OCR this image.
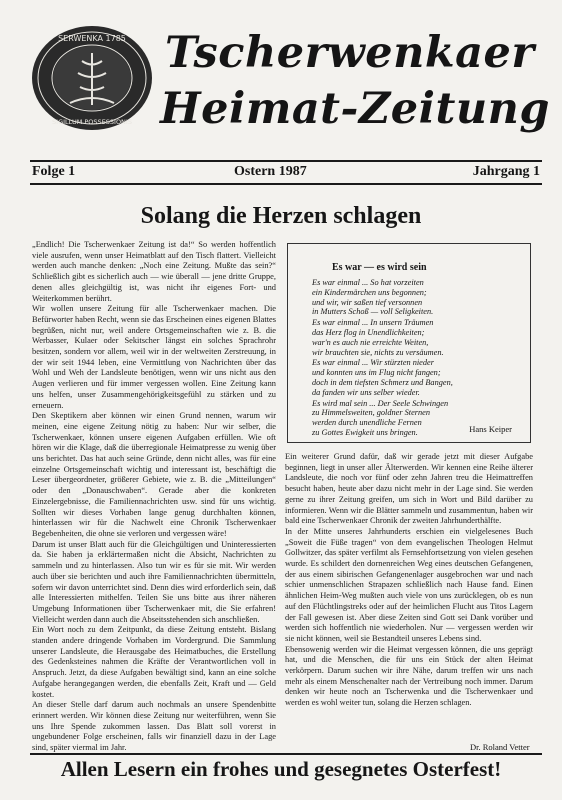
SERWENKA 1785
SIGILLUM POSSESSIONIS
Tscherwenkaer
Heimat-Zeitung
Folge 1	Ostern 1987	Jahrgang 1
Solang die Herzen schlagen

„Endlich! Die Tscherwenkaer Zeitung ist da!“ So werden hoffentlich viele ausrufen, wenn unser Heimatblatt auf den Tisch flattert. Vielleicht werden auch manche denken: „Noch eine Zeitung. Mußte das sein?“ Schließlich gibt es sicherlich auch — wie überall — jene dritte Gruppe, denen alles gleichgültig ist, was nicht ihr eigenes Fort- und Weiterkommen berührt.

Wir wollen unsere Zeitung für alle Tscherwenkaer machen. Die Befürworter haben Recht, wenn sie das Erscheinen eines eigenen Blattes begrüßen, nicht nur, weil andere Ortsgemeinschaften wie z. B. die Werbasser, Kulaer oder Sekitscher längst ein solches Sprachrohr besitzen, sondern vor allem, weil wir in der weltweiten Zerstreuung, in der wir seit 1944 leben, eine Vermittlung von Nachrichten über das Wohl und Weh der Landsleute benötigen, wenn wir uns nicht aus den Augen verlieren und für immer vergessen wollen. Eine Zeitung kann uns helfen, unser Zusammengehörigkeitsgefühl zu stärken und zu erneuern.

Den Skeptikern aber können wir einen Grund nennen, warum wir meinen, eine eigene Zeitung nötig zu haben: Nur wir selber, die Tscherwenkaer, können unsere eigenen Aufgaben erfüllen. Wie oft hören wir die Klage, daß die überregionale Heimatpresse zu wenig über uns berichtet. Das hat auch seine Gründe, denn nicht alles, was für eine einzelne Ortsgemeinschaft wichtig und interessant ist, beschäftigt die Leser übergeordneter, größerer Gebiete, wie z. B. die „Mitteilungen“ oder den „Donauschwaben“. Gerade aber die konkreten Einzelergebnisse, die Familiennachrichten usw. sind für uns wichtig. Sollten wir dieses Vorhaben lange genug durchhalten können, hinterlassen wir für die Nachwelt eine Chronik Tscherwenkaer Begebenheiten, die ohne sie verloren und vergessen wäre!

Darum ist unser Blatt auch für die Gleichgültigen und Uninteressierten da. Sie haben ja erklärtermaßen nicht die Absicht, Nachrichten zu sammeln und zu hinterlassen. Also tun wir es für sie mit. Wir werden auch über sie berichten und auch ihre Familiennachrichten übermitteln, sofern wir davon unterrichtet sind. Denn dies wird erforderlich sein, daß alle Interessierten mithelfen. Teilen Sie uns bitte aus ihrer näheren Umgebung Informationen über Tscherwenkaer mit, die Sie erfahren! Vielleicht werden dann auch die Abseitsstehenden sich anschließen.

Ein Wort noch zu dem Zeitpunkt, da diese Zeitung entsteht. Bislang standen andere dringende Vorhaben im Vordergrund. Die Sammlung unserer Landsleute, die Herausgabe des Heimatbuches, die Erstellung des Gedenksteines nahmen die Kräfte der Verantwortlichen voll in Anspruch. Jetzt, da diese Aufgaben bewältigt sind, kann an eine solche Aufgabe herangegangen werden, die ebenfalls Zeit, Kraft und — Geld kostet.

An dieser Stelle darf darum auch nochmals an unsere Spendenbitte erinnert werden. Wir können diese Zeitung nur weiterführen, wenn Sie uns Ihre Spende zukommen lassen. Das Blatt soll vorerst in ungebundener Folge erscheinen, falls wir finanziell dazu in der Lage sind, später viermal im Jahr.

Es war — es wird sein
Es war einmal ... So hat vorzeiten
ein Kindermärchen uns begonnen;
und wir, wir saßen tief versonnen
in Mutters Schoß — voll Seligkeiten.
Es war einmal ... In unsern Träumen
das Herz flog in Unendlichkeiten;
war'n es auch nie erreichte Weiten,
wir brauchten sie, nichts zu versäumen.
Es war einmal ... Wir stürzten nieder
und konnten uns im Flug nicht fangen;
doch in dem tiefsten Schmerz und Bangen,
da fanden wir uns selber wieder.
Es wird mal sein ... Der Seele Schwingen
zu Himmelsweiten, goldner Sternen
werden durch unendliche Fernen
zu Gottes Ewigkeit uns bringen.	Hans Keiper

Ein weiterer Grund dafür, daß wir gerade jetzt mit dieser Aufgabe beginnen, liegt in unser aller Älterwerden. Wir kennen eine Reihe älterer Landsleute, die noch vor fünf oder zehn Jahren treu die Heimattreffen besucht haben, heute aber dazu nicht mehr in der Lage sind. Sie werden gerne zu ihrer Zeitung greifen, um sich in Wort und Bild darüber zu informieren. Wenn wir die Blätter sammeln und zusammentun, haben wir bald eine Tscherwenkaer Chronik der zweiten Jahrhunderthälfte.

In der Mitte unseres Jahrhunderts erschien ein vielgelesenes Buch „Soweit die Füße tragen“ von dem evangelischen Theologen Helmut Gollwitzer, das später verfilmt als Fernsehfortsetzung von vielen gesehen wurde. Es schildert den dornenreichen Weg eines deutschen Gefangenen, der aus einem sibirischen Gefangenenlager ausgebrochen war und nach schier unmenschlichen Strapazen schließlich nach Hause fand. Einen ähnlichen Heim-Weg mußten auch viele von uns zurücklegen, ob es nun auf den Flüchtlingstreks oder auf der heimlichen Flucht aus Titos Lagern der Fall gewesen ist. Aber diese Zeiten sind Gott sei Dank vorüber und werden sich hoffentlich nie wiederholen. Nur — vergessen werden wir sie nicht können, weil sie Bestandteil unseres Lebens sind.

Ebensowenig werden wir die Heimat vergessen können, die uns geprägt hat, und die Menschen, die für uns ein Stück der alten Heimat verkörpern. Darum suchen wir ihre Nähe, darum treffen wir uns nach mehr als einem Menschenalter nach der Vertreibung noch immer. Darum denken wir heute noch an Tscherwenka und die Tscherwenkaer und werden es wohl weiter tun, solang die Herzen schlagen.

Dr. Roland Vetter
Allen Lesern ein frohes und gesegnetes Osterfest!
